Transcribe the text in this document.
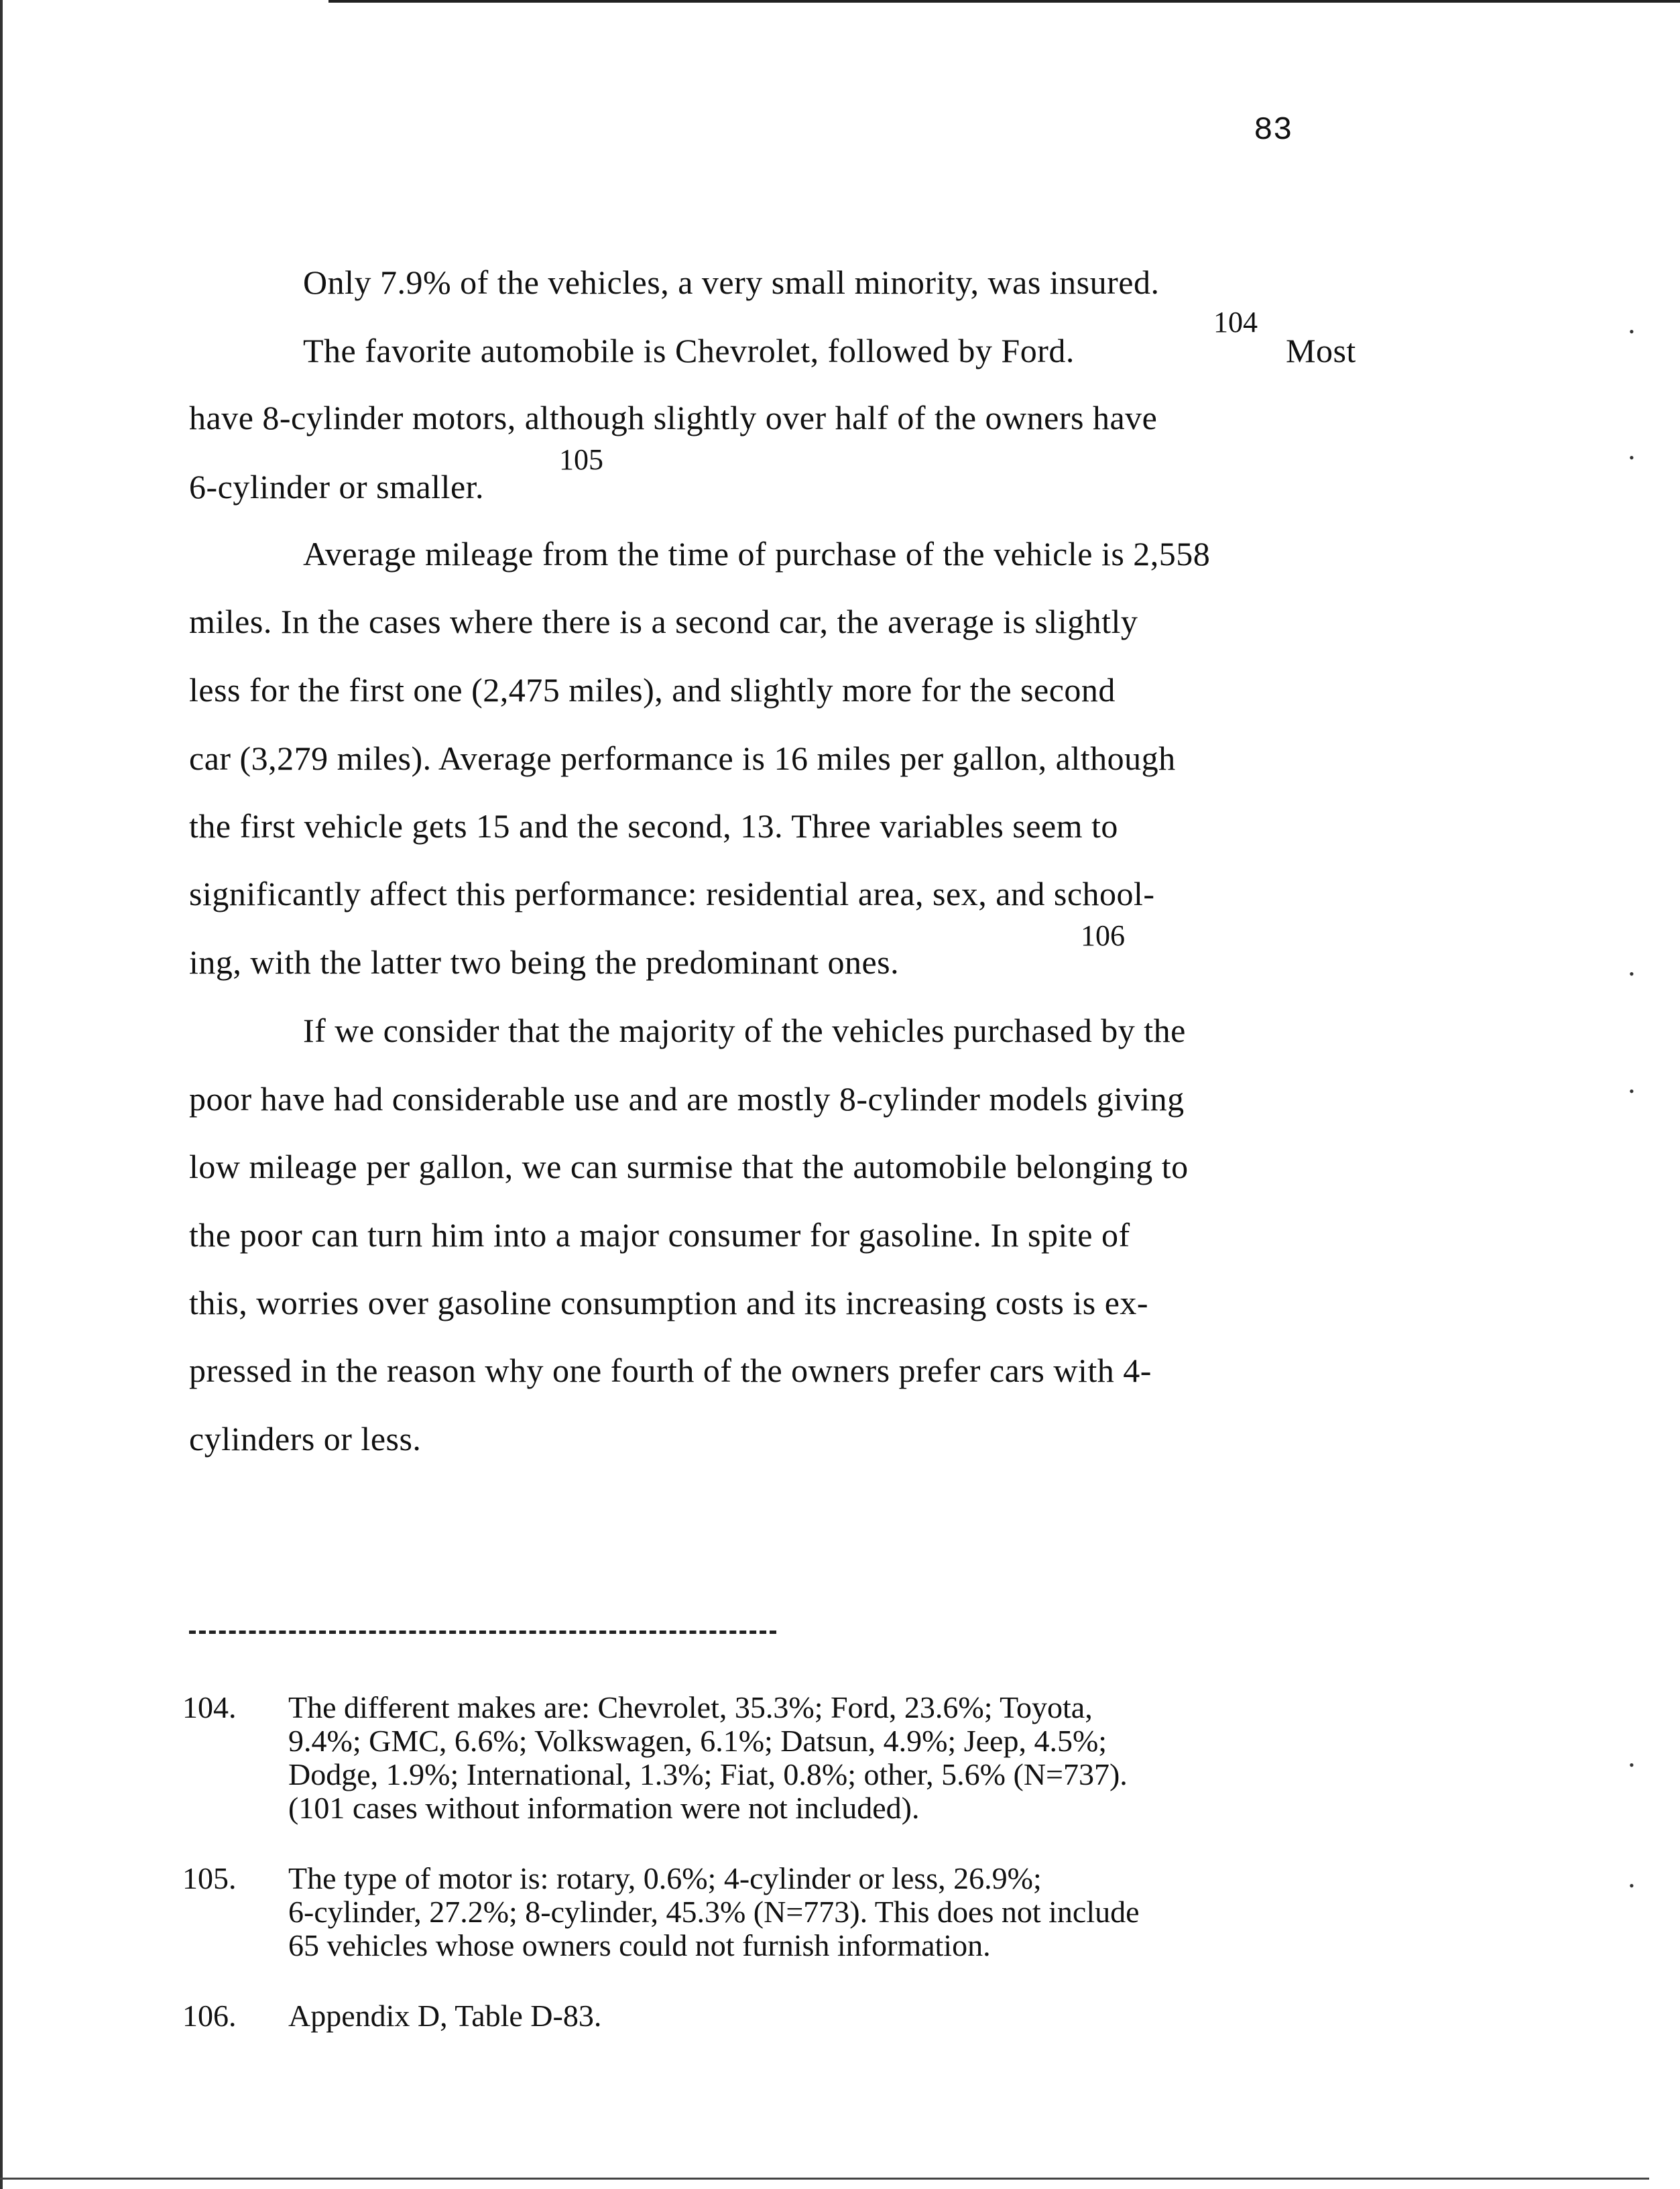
83
Only 7.9% of the vehicles, a very small minority, was insured.
104
The favorite automobile is Chevrolet, followed by Ford.	Most
have 8-cylinder motors, although slightly over half of the owners have
105
6-cylinder or smaller.
Average mileage from the time of purchase of the vehicle is 2,558
miles. In the cases where there is a second car, the average is slightly
less for the first one (2,475 miles), and slightly more for the second
car (3,279 miles). Average performance is 16 miles per gallon, although
the first vehicle gets 15 and the second, 13. Three variables seem to
significantly affect this performance: residential area, sex, and school-
106
ing, with the latter two being the predominant ones.
If we consider that the majority of the vehicles purchased by the
poor have had considerable use and are mostly 8-cylinder models giving
low mileage per gallon, we can surmise that the automobile belonging to
the poor can turn him into a major consumer for gasoline. In spite of
this, worries over gasoline consumption and its increasing costs is ex-
pressed in the reason why one fourth of the owners prefer cars with 4-
cylinders or less.
104. The different makes are: Chevrolet, 35.3%; Ford, 23.6%; Toyota,
9.4%; GMC, 6.6%; Volkswagen, 6.1%; Datsun, 4.9%; Jeep, 4.5%;
Dodge, 1.9%; International, 1.3%; Fiat, 0.8%; other, 5.6% (N=737).
(101 cases without information were not included).
105. The type of motor is: rotary, 0.6%; 4-cylinder or less, 26.9%;
6-cylinder, 27.2%; 8-cylinder, 45.3% (N=773). This does not include
65 vehicles whose owners could not furnish information.
106. Appendix D, Table D-83.
•
•
•
•
•
•
